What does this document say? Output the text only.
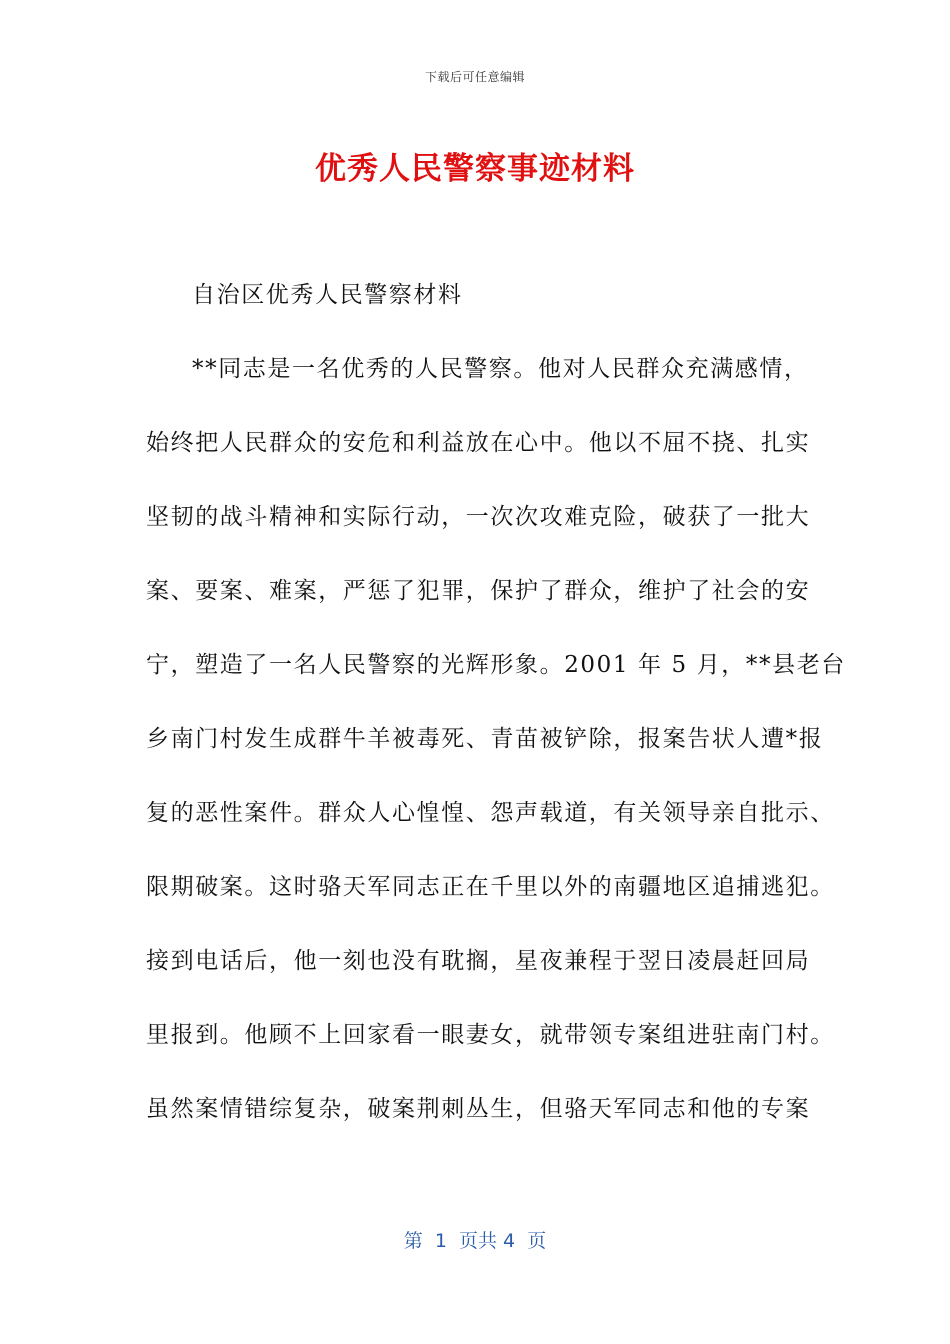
下载后可任意编辑
优秀人民警察事迹材料
自治区优秀人民警察材料
**同志是一名优秀的人民警察。他对人民群众充满感情，
始终把人民群众的安危和利益放在心中。他以不屈不挠、扎实
坚韧的战斗精神和实际行动，一次次攻难克险，破获了一批大
案、要案、难案，严惩了犯罪，保护了群众，维护了社会的安
宁，塑造了一名人民警察的光辉形象。2001 年 5 月，**县老台
乡南门村发生成群牛羊被毒死、青苗被铲除，报案告状人遭*报
复的恶性案件。群众人心惶惶、怨声载道，有关领导亲自批示、
限期破案。这时骆天军同志正在千里以外的南疆地区追捕逃犯。
接到电话后，他一刻也没有耽搁，星夜兼程于翌日凌晨赶回局
里报到。他顾不上回家看一眼妻女，就带领专案组进驻南门村。
虽然案情错综复杂，破案荆刺丛生，但骆天军同志和他的专案
第  1  页共 4  页
